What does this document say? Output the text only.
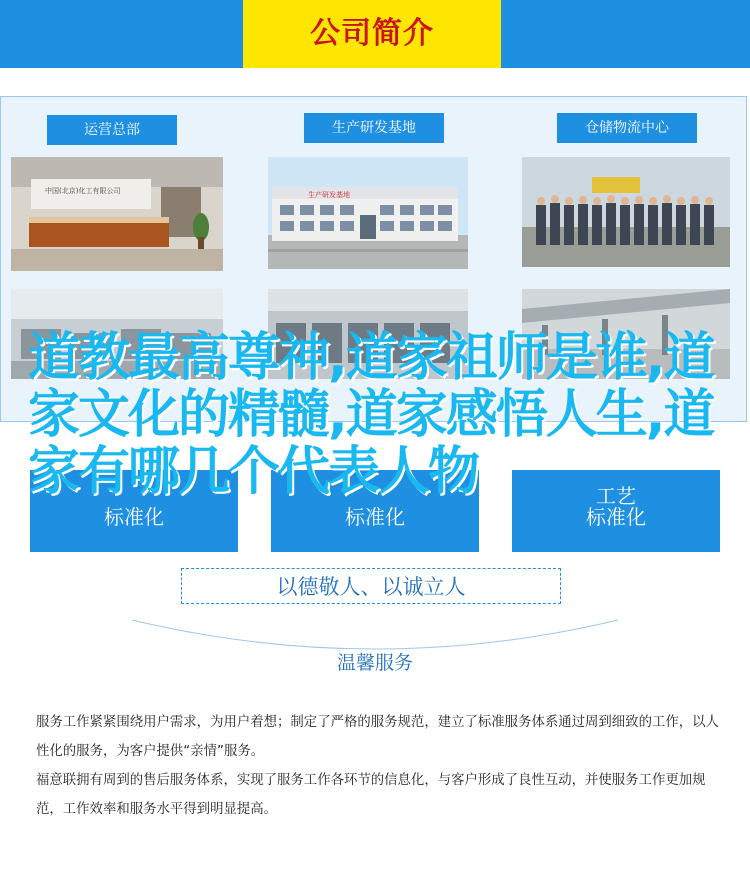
公司简介
运营总部	生产研发基地	仓储物流中心
中国(北京)化工有限公司	生产研发基地
标准化	标准化
工艺
标准化
道教最高尊神,道家祖师是谁,道家文化的精髓,道家感悟人生,道家有哪几个代表人物
以德敬人、以诚立人
温馨服务
服务工作紧紧围绕用户需求，为用户着想；制定了严格的服务规范，建立了标准服务体系通过周到细致的工作，以人性化的服务，为客户提供“亲情”服务。
福意联拥有周到的售后服务体系，实现了服务工作各环节的信息化，与客户形成了良性互动，并使服务工作更加规范，工作效率和服务水平得到明显提高。
